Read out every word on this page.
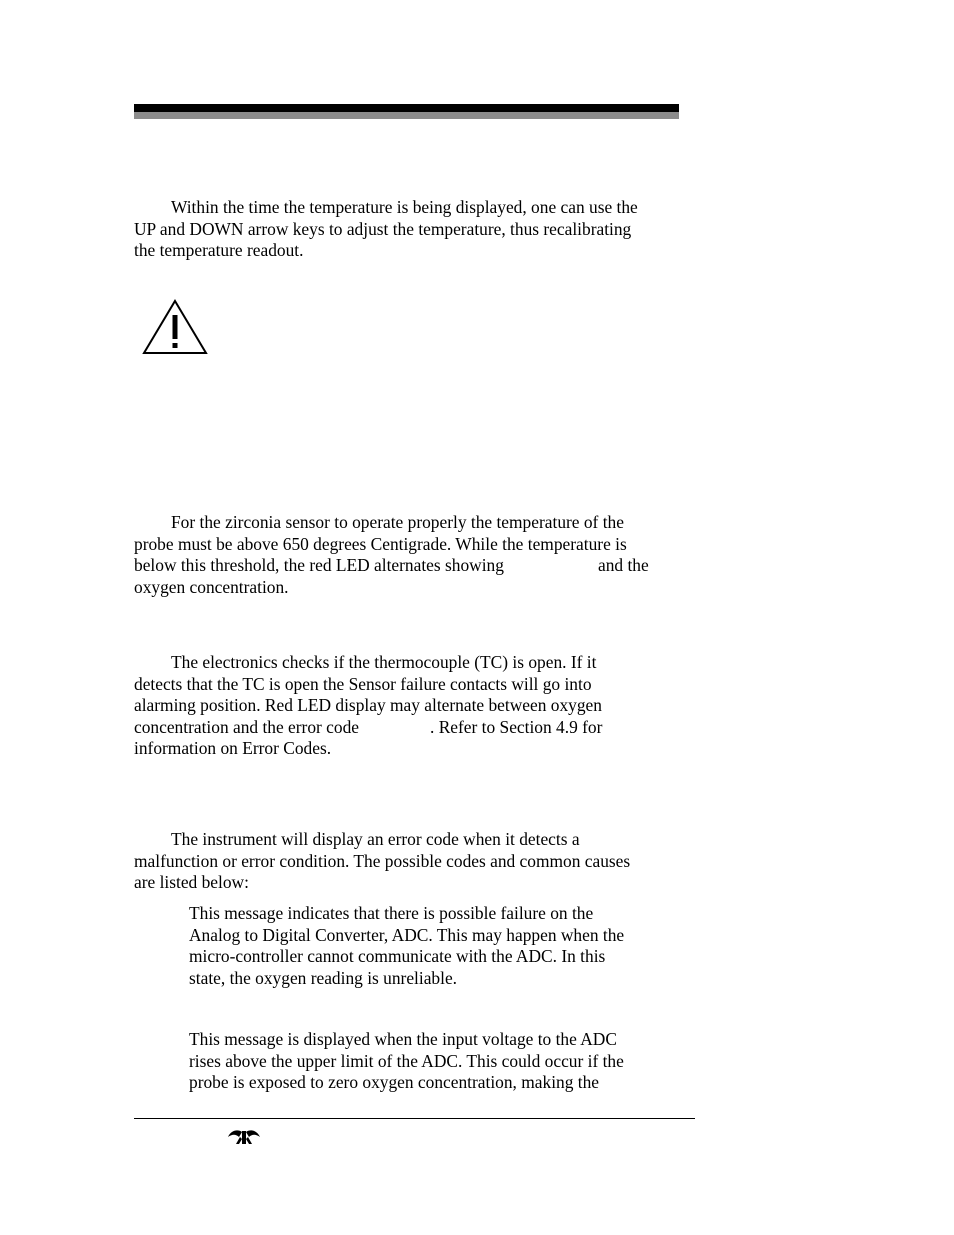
Within the time the temperature is being displayed, one can use the
UP and DOWN arrow keys to adjust the temperature, thus recalibrating
the temperature readout.

For the zirconia sensor to operate properly the temperature of the
probe must be above 650 degrees Centigrade. While the temperature is
below this threshold, the red LED alternates showing	and the
oxygen concentration.

The electronics checks if the thermocouple (TC) is open. If it
detects that the TC is open the Sensor failure contacts will go into
alarming position. Red LED display may alternate between oxygen
concentration and the error code	. Refer to Section 4.9 for
information on Error Codes.

The instrument will display an error code when it detects a
malfunction or error condition. The possible codes and common causes
are listed below:

This message indicates that there is possible failure on the
Analog to Digital Converter, ADC. This may happen when the
micro-controller cannot communicate with the ADC. In this
state, the oxygen reading is unreliable.

This message is displayed when the input voltage to the ADC
rises above the upper limit of the ADC. This could occur if the
probe is exposed to zero oxygen concentration, making the
